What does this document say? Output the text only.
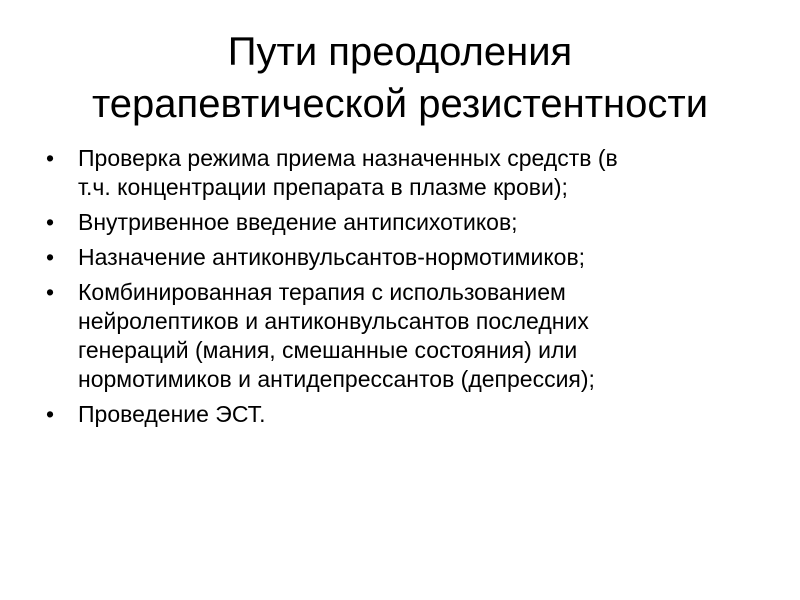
Пути преодоления
терапевтической резистентности
•	Проверка режима приема назначенных средств (в
т.ч. концентрации препарата в плазме крови);
•	Внутривенное введение антипсихотиков;
•	Назначение антиконвульсантов-нормотимиков;
•	Комбинированная терапия с использованием
нейролептиков и антиконвульсантов последних
генераций (мания, смешанные состояния) или
нормотимиков и антидепрессантов (депрессия);
•	Проведение ЭСТ.
